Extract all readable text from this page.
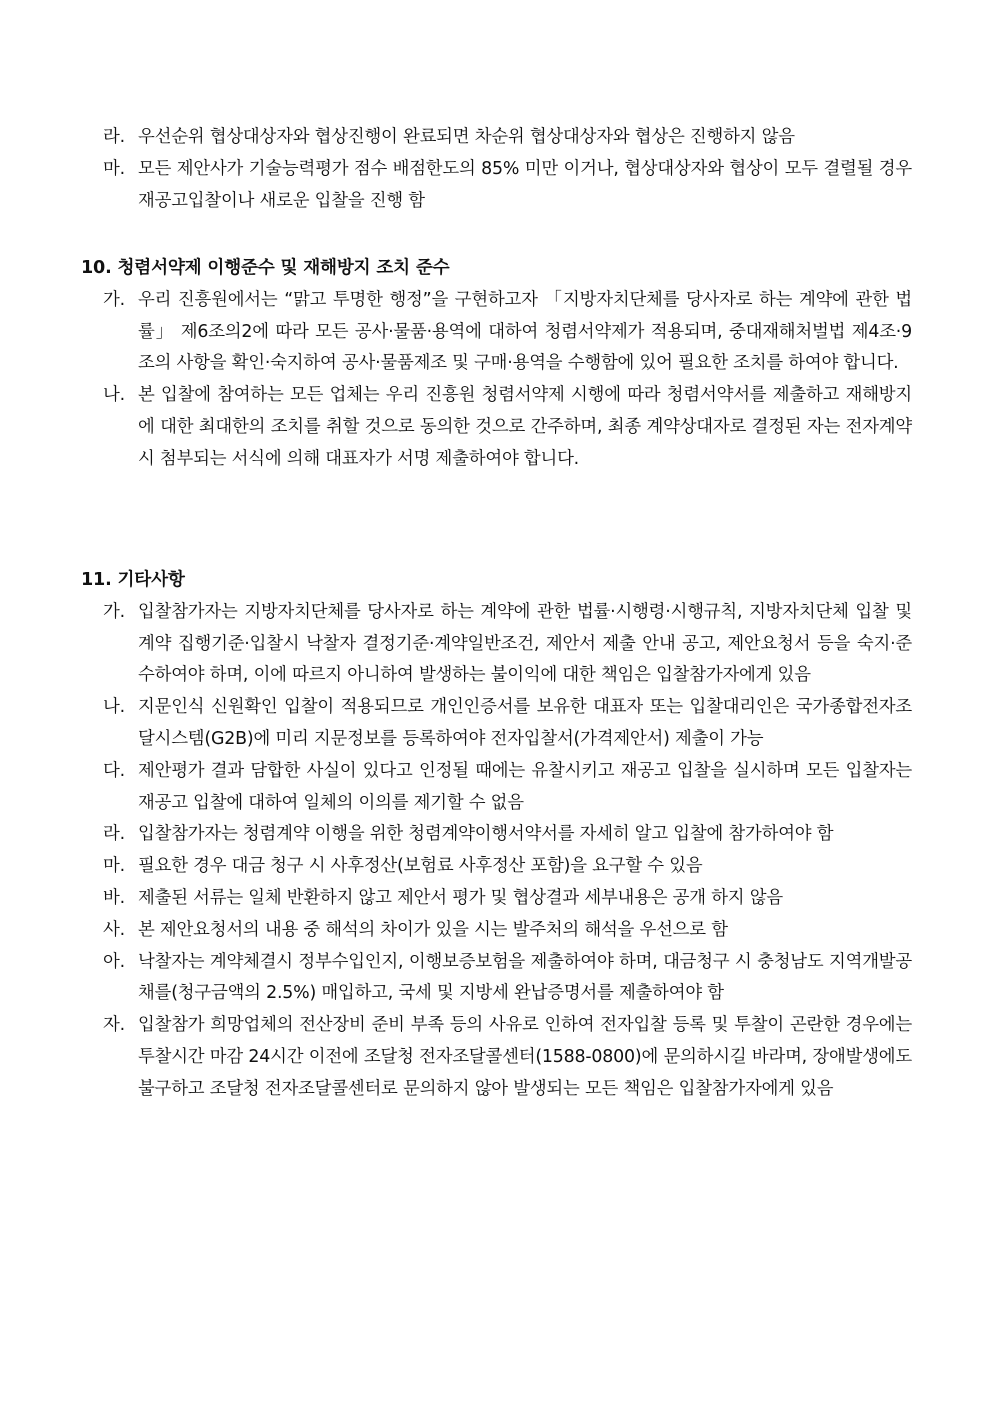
라. 우선순위 협상대상자와 협상진행이 완료되면 차순위 협상대상자와 협상은 진행하지 않음
마. 모든 제안사가 기술능력평가 점수 배점한도의 85% 미만 이거나, 협상대상자와 협상이 모두 결렬될 경우 재공고입찰이나 새로운 입찰을 진행 함
10. 청렴서약제 이행준수 및 재해방지 조치 준수
가. 우리 진흥원에서는 “맑고 투명한 행정”을 구현하고자 「지방자치단체를 당사자로 하는 계약에 관한 법률」 제6조의2에 따라 모든 공사·물품·용역에 대하여 청렴서약제가 적용되며, 중대재해처벌법 제4조·9조의 사항을 확인·숙지하여 공사·물품제조 및 구매·용역을 수행함에 있어 필요한 조치를 하여야 합니다.
나. 본 입찰에 참여하는 모든 업체는 우리 진흥원 청렴서약제 시행에 따라 청렴서약서를 제출하고 재해방지에 대한 최대한의 조치를 취할 것으로 동의한 것으로 간주하며, 최종 계약상대자로 결정된 자는 전자계약 시 첨부되는 서식에 의해 대표자가 서명 제출하여야 합니다.
11. 기타사항
가. 입찰참가자는 지방자치단체를 당사자로 하는 계약에 관한 법률·시행령·시행규칙, 지방자치단체 입찰 및 계약 집행기준·입찰시 낙찰자 결정기준·계약일반조건, 제안서 제출 안내 공고, 제안요청서 등을 숙지·준수하여야 하며, 이에 따르지 아니하여 발생하는 불이익에 대한 책임은 입찰참가자에게 있음
나. 지문인식 신원확인 입찰이 적용되므로 개인인증서를 보유한 대표자 또는 입찰대리인은 국가종합전자조달시스템(G2B)에 미리 지문정보를 등록하여야 전자입찰서(가격제안서) 제출이 가능
다. 제안평가 결과 담합한 사실이 있다고 인정될 때에는 유찰시키고 재공고 입찰을 실시하며 모든 입찰자는 재공고 입찰에 대하여 일체의 이의를 제기할 수 없음
라. 입찰참가자는 청렴계약 이행을 위한 청렴계약이행서약서를 자세히 알고 입찰에 참가하여야 함
마. 필요한 경우 대금 청구 시 사후정산(보험료 사후정산 포함)을 요구할 수 있음
바. 제출된 서류는 일체 반환하지 않고 제안서 평가 및 협상결과 세부내용은 공개 하지 않음
사. 본 제안요청서의 내용 중 해석의 차이가 있을 시는 발주처의 해석을 우선으로 함
아. 낙찰자는 계약체결시 정부수입인지, 이행보증보험을 제출하여야 하며, 대금청구 시 충청남도 지역개발공채를(청구금액의 2.5%) 매입하고, 국세 및 지방세 완납증명서를 제출하여야 함
자. 입찰참가 희망업체의 전산장비 준비 부족 등의 사유로 인하여 전자입찰 등록 및 투찰이 곤란한 경우에는 투찰시간 마감 24시간 이전에 조달청 전자조달콜센터(1588-0800)에 문의하시길 바라며, 장애발생에도 불구하고 조달청 전자조달콜센터로 문의하지 않아 발생되는 모든 책임은 입찰참가자에게 있음
